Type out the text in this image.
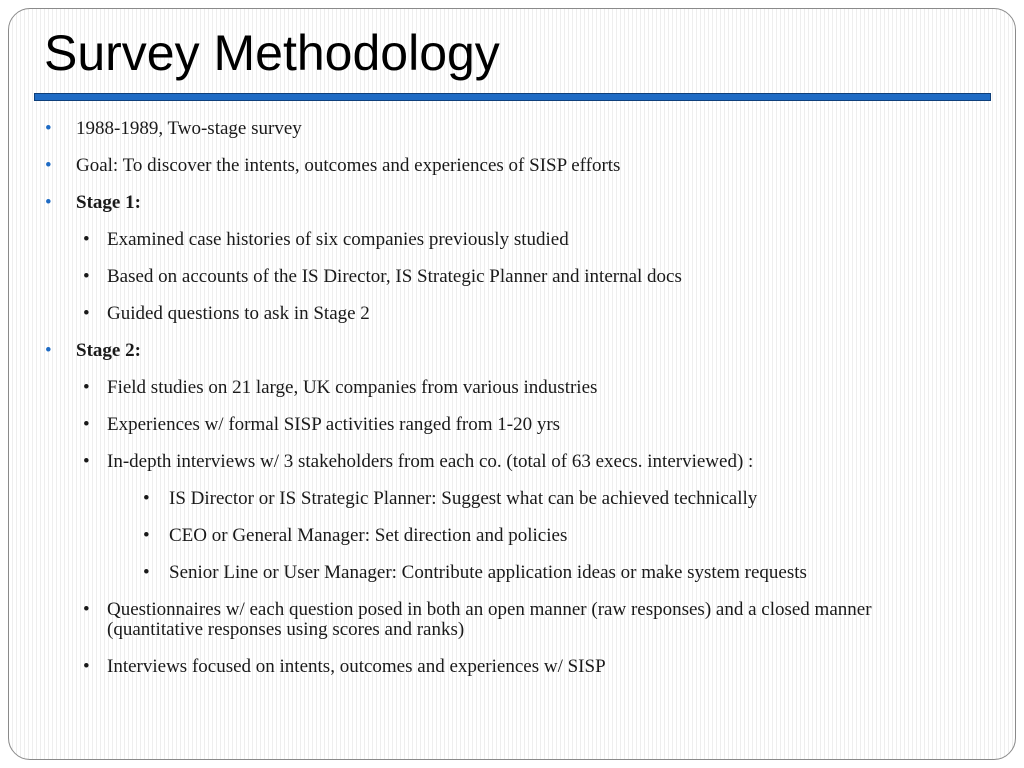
Survey Methodology
• 1988-1989, Two-stage survey
• Goal: To discover the intents, outcomes and experiences of SISP efforts
• Stage 1:
• Examined case histories of six companies previously studied
• Based on accounts of the IS Director, IS Strategic Planner and internal docs
• Guided questions to ask in Stage 2
• Stage 2:
• Field studies on 21 large, UK companies from various industries
• Experiences w/ formal SISP activities ranged from 1-20 yrs
• In-depth interviews w/ 3 stakeholders from each co. (total of 63 execs. interviewed) :
• IS Director or IS Strategic Planner: Suggest what can be achieved technically
• CEO or General Manager: Set direction and policies
• Senior Line or User Manager: Contribute application ideas or make system requests
• Questionnaires w/ each question posed in both an open manner (raw responses) and a closed manner (quantitative responses using scores and ranks)
• Interviews focused on intents, outcomes and experiences w/ SISP
